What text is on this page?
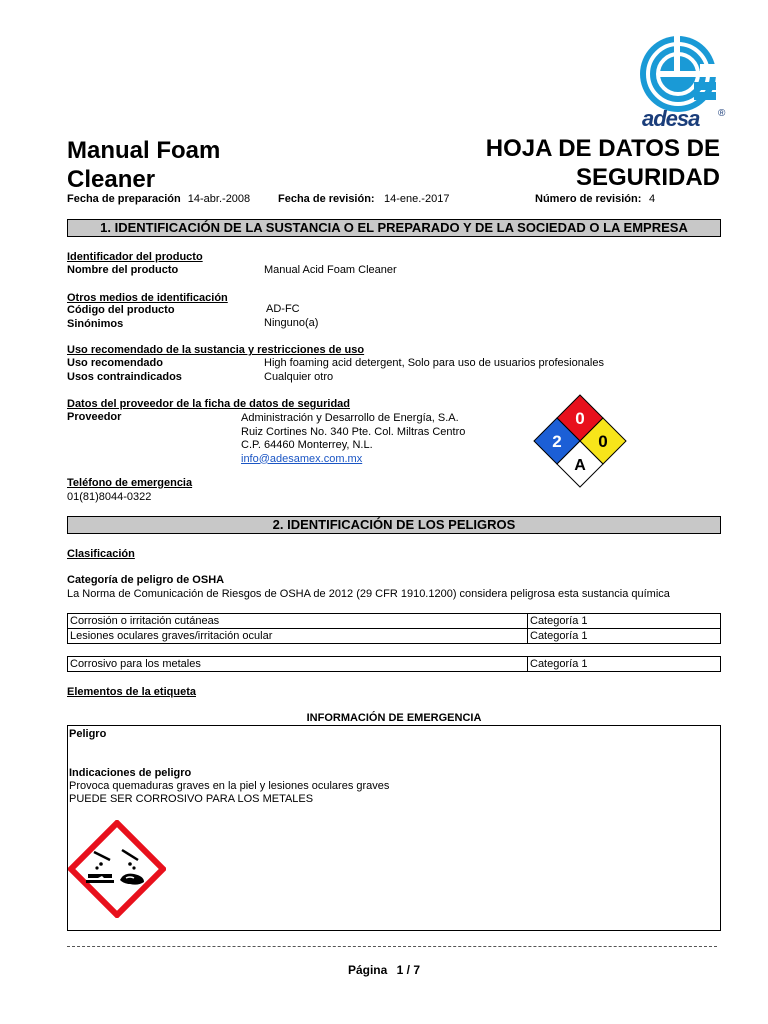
adesa ®
Manual Foam
Cleaner
HOJA DE DATOS DE
SEGURIDAD
Fecha de preparación 14-abr.-2008	Fecha de revisión: 14-ene.-2017	Número de revisión: 4
1. IDENTIFICACIÓN DE LA SUSTANCIA O EL PREPARADO Y DE LA SOCIEDAD O LA EMPRESA
Identificador del producto
Nombre del producto	Manual Acid Foam Cleaner
Otros medios de identificación
Código del producto	AD-FC
Sinónimos	Ninguno(a)
Uso recomendado de la sustancia y restricciones de uso
Uso recomendado	High foaming acid detergent, Solo para uso de usuarios profesionales
Usos contraindicados	Cualquier otro
Datos del proveedor de la ficha de datos de seguridad
Proveedor	Administración y Desarrollo de Energía, S.A.
Ruiz Cortines No. 340 Pte. Col. Miltras Centro
C.P. 64460 Monterrey, N.L.
info@adesamex.com.mx
0
2 0
A
Teléfono de emergencia
01(81)8044-0322
2. IDENTIFICACIÓN DE LOS PELIGROS
Clasificación
Categoría de peligro de OSHA
La Norma de Comunicación de Riesgos de OSHA de 2012 (29 CFR 1910.1200) considera peligrosa esta sustancia química
Corrosión o irritación cutáneas	Categoría 1
Lesiones oculares graves/irritación ocular	Categoría 1
Corrosivo para los metales	Categoría 1
Elementos de la etiqueta
INFORMACIÓN DE EMERGENCIA
Peligro
Indicaciones de peligro
Provoca quemaduras graves en la piel y lesiones oculares graves
PUEDE SER CORROSIVO PARA LOS METALES
Página 1 / 7
